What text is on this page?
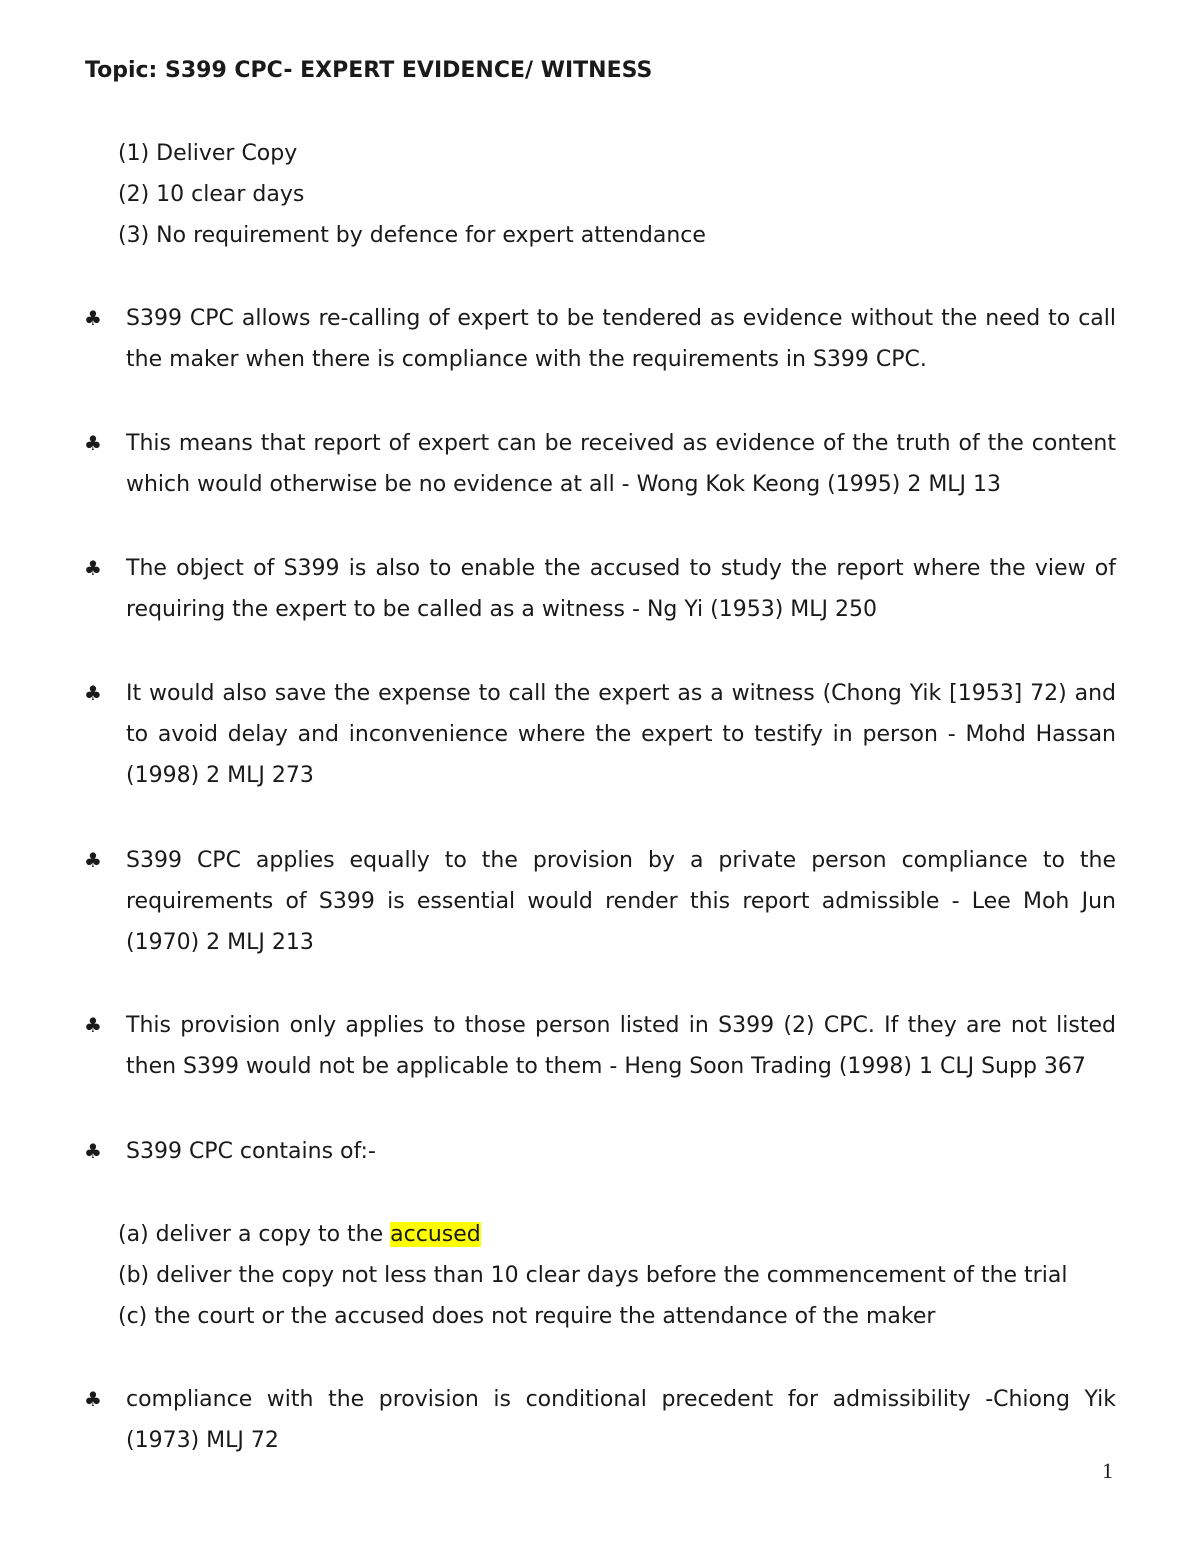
Topic: S399 CPC- EXPERT EVIDENCE/ WITNESS
(1) Deliver Copy
(2) 10 clear days
(3) No requirement by defence for expert attendance
♣	S399 CPC allows re-calling of expert to be tendered as evidence without the need to call the maker when there is compliance with the requirements in S399 CPC.
♣	This means that report of expert can be received as evidence of the truth of the content which would otherwise be no evidence at all - Wong Kok Keong (1995) 2 MLJ 13
♣	The object of S399 is also to enable the accused to study the report where the view of requiring the expert to be called as a witness - Ng Yi (1953) MLJ 250
♣	It would also save the expense to call the expert as a witness (Chong Yik [1953] 72) and to avoid delay and inconvenience where the expert to testify in person - Mohd Hassan (1998) 2 MLJ 273
♣	S399 CPC applies equally to the provision by a private person compliance to the requirements of S399 is essential would render this report admissible - Lee Moh Jun (1970) 2 MLJ 213
♣	This provision only applies to those person listed in S399 (2) CPC. If they are not listed then S399 would not be applicable to them - Heng Soon Trading (1998) 1 CLJ Supp 367
♣	S399 CPC contains of:-
(a) deliver a copy to the accused
(b) deliver the copy not less than 10 clear days before the commencement of the trial
(c) the court or the accused does not require the attendance of the maker
♣	compliance with the provision is conditional precedent for admissibility -Chiong Yik (1973) MLJ 72
1
